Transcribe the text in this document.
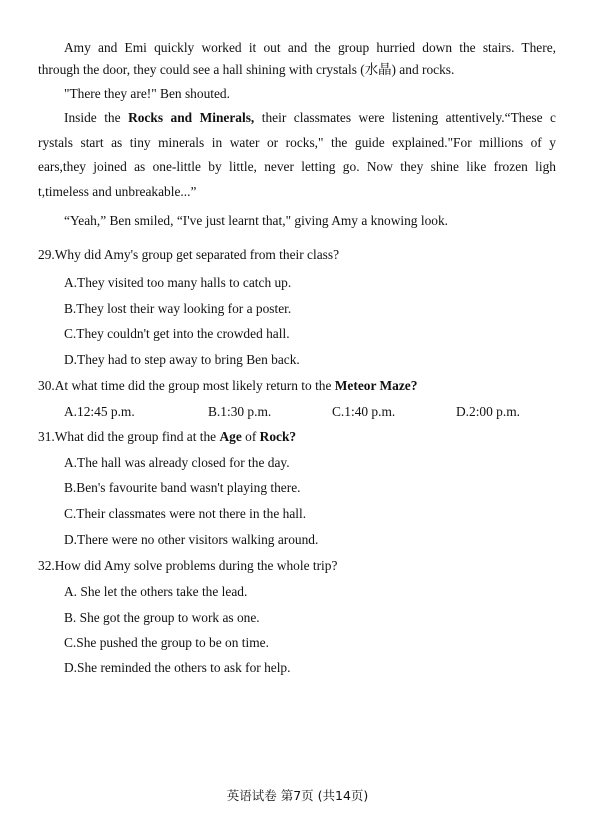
Amy and Emi quickly worked it out and the group hurried down the stairs. There,
through the door, they could see a hall shining with crystals (水晶) and rocks.
"There they are!" Ben shouted.
Inside the Rocks and Minerals, their classmates were listening attentively.“These c
rystals start as tiny minerals in water or rocks," the guide explained."For millions of y
ears,they joined as one-little by little, never letting go. Now they shine like frozen ligh
t,timeless and unbreakable...”
“Yeah,” Ben smiled, “I've just learnt that," giving Amy a knowing look.
29.Why did Amy's group get separated from their class?
A.They visited too many halls to catch up.
B.They lost their way looking for a poster.
C.They couldn't get into the crowded hall.
D.They had to step away to bring Ben back.
30.At what time did the group most likely return to the Meteor Maze?
A.12:45 p.m.	B.1:30 p.m.	C.1:40 p.m.	D.2:00 p.m.
31.What did the group find at the Age of Rock?
A.The hall was already closed for the day.
B.Ben's favourite band wasn't playing there.
C.Their classmates were not there in the hall.
D.There were no other visitors walking around.
32.How did Amy solve problems during the whole trip?
A. She let the others take the lead.
B. She got the group to work as one.
C.She pushed the group to be on time.
D.She reminded the others to ask for help.
英语试卷 第7页 (共14页)
